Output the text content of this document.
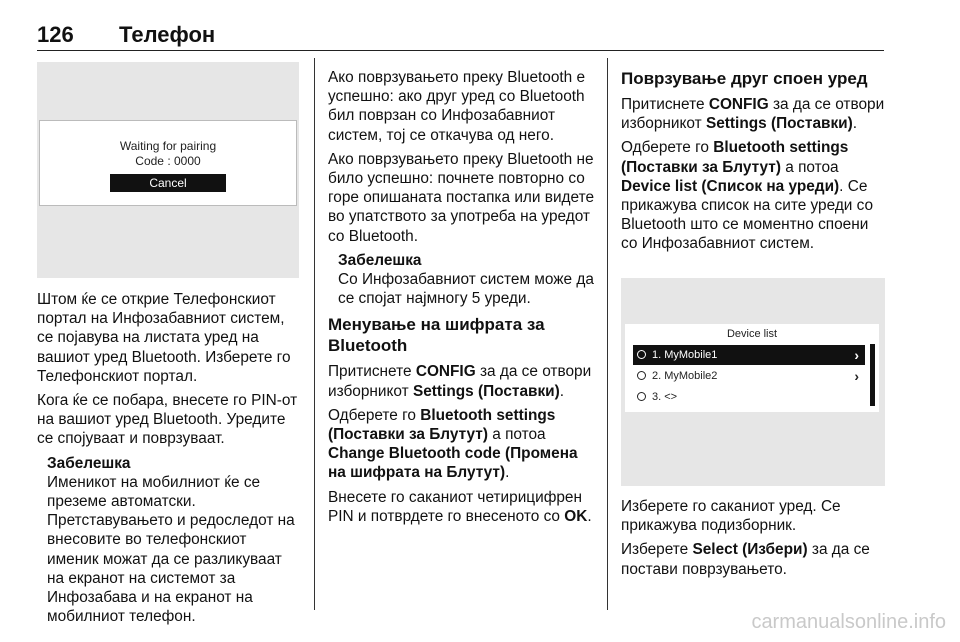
126 Телефон
Waiting for pairing
Code : 0000
Cancel

Штом ќе се открие Телефонскиот портал на Инфозабавниот систем, се појавува на листата уред на вашиот уред Bluetooth. Изберете го Телефонскиот портал.

Кога ќе се побара, внесете го PIN-от на вашиот уред Bluetooth. Уредите се спојуваат и поврзуваат.

Забелешка
Именикот на мобилниот ќе се преземе автоматски. Претставувањето и редоследот на внесовите во телефонскиот именик можат да се разликуваат на екранот на системот за Инфозабава и на екранот на мобилниот телефон.

Ако поврзувањето преку Bluetooth е успешно: ако друг уред со Bluetooth бил поврзан со Инфозабавниот систем, тој се откачува од него.

Ако поврзувањето преку Bluetooth не било успешно: почнете повторно со горе опишаната постапка или видете во упатството за употреба на уредот со Bluetooth.

Забелешка
Со Инфозабавниот систем може да се спојат најмногу 5 уреди.
Менување на шифрата за Bluetooth

Притиснете CONFIG за да се отвори изборникот Settings (Поставки).

Одберете го Bluetooth settings (Поставки за Блутут) а потоа Change Bluetooth code (Промена на шифрата на Блутут).

Внесете го саканиот четирицифрен PIN и потврдете го внесеното со OK.

Поврзување друг споен уред

Притиснете CONFIG за да се отвори изборникот Settings (Поставки).

Одберете го Bluetooth settings (Поставки за Блутут) а потоа Device list (Список на уреди). Се прикажува список на сите уреди со Bluetooth што се моментно споени со Инфозабавниот систем.

Device list
1. MyMobile1	›
2. MyMobile2	›
3. <>

Изберете го саканиот уред. Се прикажува подизборник.

Изберете Select (Избери) за да се постави поврзувањето.

carmanualsonline.info
